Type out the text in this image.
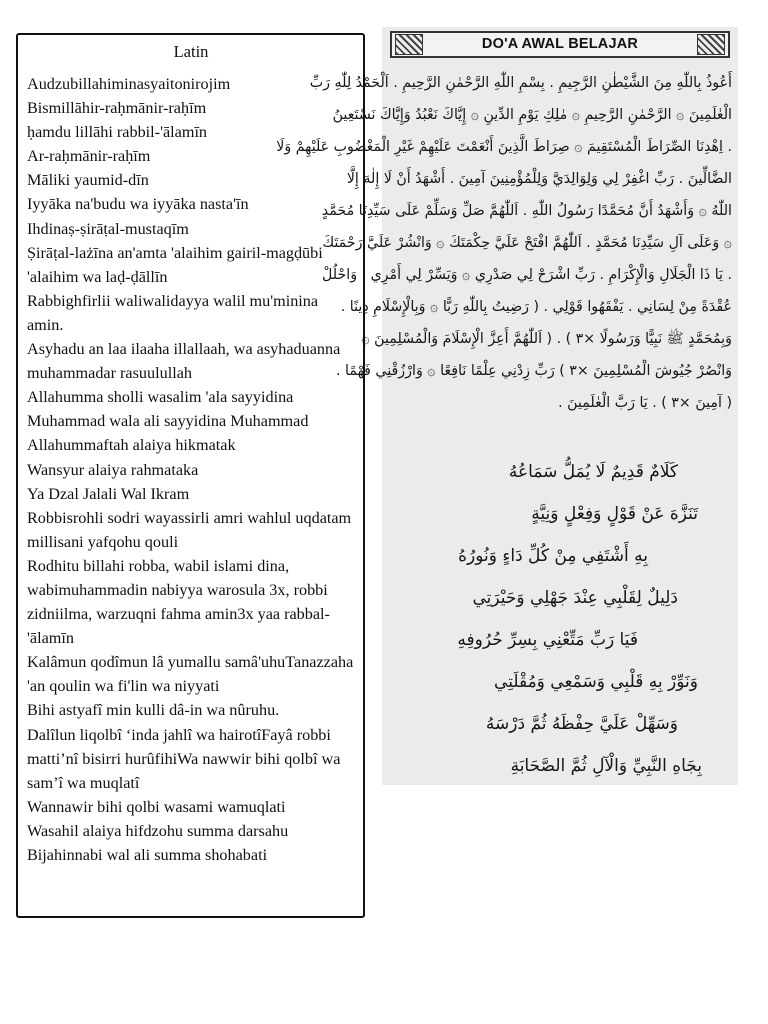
Latin
Audzubillahiminasyaitonirojim
Bismillāhir-raḥmānir-raḥīm
ḥamdu lillāhi rabbil-'ālamīn
Ar-raḥmānir-raḥīm
Māliki yaumid-dīn
Iyyāka na'budu wa iyyāka nasta'īn
Ihdinaṣ-ṣirāṭal-mustaqīm
Ṣirāṭal-lażīna an'amta 'alaihim gairil-magḍūbi 'alaihim wa laḍ-ḍāllīn
Rabbighfirlii waliwalidayya walil mu'minina amin.
Asyhadu an laa ilaaha illallaah, wa asyhaduanna muhammadar rasuulullah
Allahumma sholli wasalim 'ala sayyidina Muhammad wala ali sayyidina Muhammad
Allahummaftah alaiya hikmatak
Wansyur alaiya rahmataka
Ya Dzal Jalali Wal Ikram
Robbisrohli sodri wayassirli amri wahlul uqdatam millisani yafqohu qouli
Rodhitu billahi robba, wabil islami dina, wabimuhammadin nabiyya warosula 3x, robbi zidniilma, warzuqni fahma amin3x yaa rabbal-'ālamīn
Kalâmun qodîmun lâ yumallu samâ'uhuTanazzaha 'an qoulin wa fi'lin wa niyyati
Bihi astyafî min kulli dâ-in wa nûruhu.
Dalîlun liqolbî ‘inda jahlî wa hairotîFayâ robbi matti’nî bisirri hurûfihiWa nawwir bihi qolbî wa sam’î wa muqlatî
Wannawir bihi qolbi wasami wamuqlati
Wasahil alaiya hifdzohu summa darsahu
Bijahinnabi wal ali summa shohabati
DO'A AWAL BELAJAR
أَعُوذُ بِاللّٰهِ مِنَ الشَّيْطٰنِ الرَّجِيمِ . بِسْمِ اللّٰهِ الرَّحْمٰنِ الرَّحِيمِ . اَلْحَمْدُ لِلّٰهِ رَبِّ
الْعٰلَمِينَ ۞ الرَّحْمٰنِ الرَّحِيمِ ۞ مٰلِكِ يَوْمِ الدِّينِ ۞ إِيَّاكَ نَعْبُدُ وَإِيَّاكَ نَسْتَعِينُ
. اِهْدِنَا الصِّرَاطَ الْمُسْتَقِيمَ ۞ صِرَاطَ الَّذِينَ أَنْعَمْتَ عَلَيْهِمْ غَيْرِ الْمَغْضُوبِ عَلَيْهِمْ وَلَا
الضَّالِّينَ . رَبِّ اغْفِرْ لِي وَلِوَالِدَيَّ وَلِلْمُؤْمِنِينَ آمِينَ . أَشْهَدُ أَنْ لَا إِلٰهَ إِلَّا
اللّٰهُ ۞ وَأَشْهَدُ أَنَّ مُحَمَّدًا رَسُولُ اللّٰهِ . اَللّٰهُمَّ صَلِّ وَسَلِّمْ عَلَى سَيِّدِنَا مُحَمَّدٍ
۞ وَعَلَى آلِ سَيِّدِنَا مُحَمَّدٍ . اَللّٰهُمَّ افْتَحْ عَلَيَّ حِكْمَتَكَ ۞ وَانْشُرْ عَلَيَّ رَحْمَتَكَ
. يَا ذَا الْجَلَالِ وَالْإِكْرَامِ . رَبِّ اشْرَحْ لِي صَدْرِي ۞ وَيَسِّرْ لِي أَمْرِي . وَاحْلُلْ
عُقْدَةً مِنْ لِسَانِي . يَفْقَهُوا قَوْلِي . ( رَضِيتُ بِاللّٰهِ رَبًّا ۞ وَبِالْإِسْلَامِ دِينًا .
وَبِمُحَمَّدٍ ﷺ نَبِيًّا وَرَسُولًا ×٣ ) . ( اَللّٰهُمَّ أَعِزَّ الْإِسْلَامَ وَالْمُسْلِمِينَ ۞
وَانْصُرْ جُيُوشَ الْمُسْلِمِينَ ×٣ ) رَبِّ زِدْنِي عِلْمًا نَافِعًا ۞ وَارْزُقْنِي فَهْمًا .
( آمِينَ ×٣ ) . يَا رَبَّ الْعٰلَمِينَ .
كَلَامٌ قَدِيمٌ لَا يُمَلُّ سَمَاعُهُ
تَنَزَّهَ عَنْ قَوْلٍ وَفِعْلٍ وَنِيَّةٍ
بِهِ أَشْتَفِي مِنْ كُلِّ دَاءٍ وَنُورُهُ
دَلِيلٌ لِقَلْبِي عِنْدَ جَهْلِي وَحَيْرَتِي
فَيَا رَبِّ مَتِّعْنِي بِسِرِّ حُرُوفِهِ
وَنَوِّرْ بِهِ قَلْبِي وَسَمْعِي وَمُقْلَتِي
وَسَهِّلْ عَلَيَّ حِفْظَهُ ثُمَّ دَرْسَهُ
بِجَاهِ النَّبِيِّ وَالْآلِ ثُمَّ الصَّحَابَةِ
